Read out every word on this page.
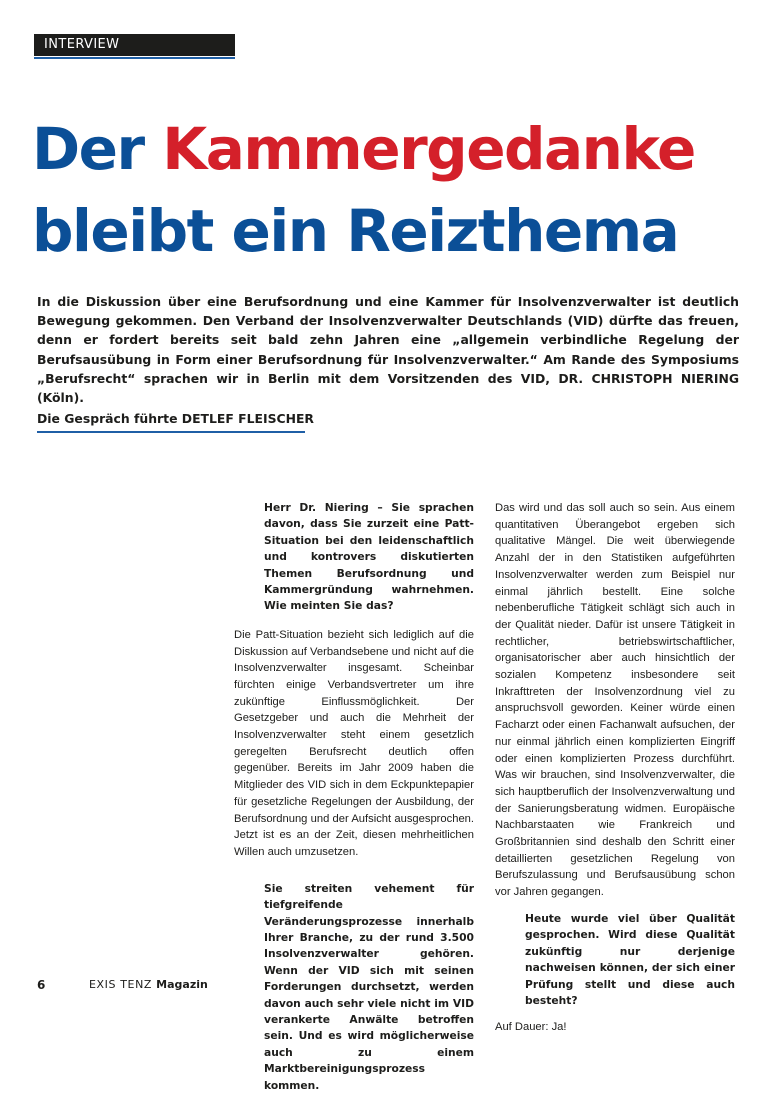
INTERVIEW
Der Kammergedanke
bleibt ein Reizthema

In die Diskussion über eine Berufsordnung und eine Kammer für Insolvenzverwalter ist deutlich Bewegung gekommen. Den Verband der Insolvenzverwalter Deutschlands (VID) dürfte das freuen, denn er fordert bereits seit bald zehn Jahren eine „allgemein verbindliche Regelung der Berufsausübung in Form einer Berufsordnung für Insolvenzverwalter.“ Am Rande des Symposiums „Berufsrecht“ sprachen wir in Berlin mit dem Vorsitzenden des VID, DR. CHRISTOPH NIERING (Köln).

Die Gespräch führte DETLEF FLEISCHER

Herr Dr. Niering – Sie sprachen davon, dass Sie zurzeit eine Patt-Situation bei den leidenschaftlich und kontrovers diskutierten Themen Berufsordnung und Kammergründung wahrnehmen. Wie meinten Sie das?

Die Patt-Situation bezieht sich lediglich auf die Diskussion auf Verbandsebene und nicht auf die Insolvenzverwalter insgesamt. Scheinbar fürchten einige Verbandsvertreter um ihre zukünftige Einflussmöglichkeit. Der Gesetzgeber und auch die Mehrheit der Insolvenzverwalter steht einem gesetzlich geregelten Berufsrecht deutlich offen gegenüber. Bereits im Jahr 2009 haben die Mitglieder des VID sich in dem Eckpunktepapier für gesetzliche Regelungen der Ausbildung, der Berufsordnung und der Aufsicht ausgesprochen. Jetzt ist es an der Zeit, diesen mehrheitlichen Willen auch umzusetzen.

Sie streiten vehement für tiefgreifende Veränderungsprozesse innerhalb Ihrer Branche, zu der rund 3.500 Insolvenzverwalter gehören. Wenn der VID sich mit seinen Forderungen durchsetzt, werden davon auch sehr viele nicht im VID verankerte Anwälte betroffen sein. Und es wird möglicherweise auch zu einem Marktbereinigungsprozess kommen.

Das wird und das soll auch so sein. Aus einem quantitativen Überangebot ergeben sich qualitative Mängel. Die weit überwiegende Anzahl der in den Statistiken aufgeführten Insolvenzverwalter werden zum Beispiel nur einmal jährlich bestellt. Eine solche nebenberufliche Tätigkeit schlägt sich auch in der Qualität nieder. Dafür ist unsere Tätigkeit in rechtlicher, betriebswirtschaftlicher, organisatorischer aber auch hinsichtlich der sozialen Kompetenz insbesondere seit Inkrafttreten der Insolvenzordnung viel zu anspruchsvoll geworden. Keiner würde einen Facharzt oder einen Fachanwalt aufsuchen, der nur einmal jährlich einen komplizierten Eingriff oder einen komplizierten Prozess durchführt. Was wir brauchen, sind Insolvenzverwalter, die sich hauptberuflich der Insolvenzverwaltung und der Sanierungsberatung widmen. Europäische Nachbarstaaten wie Frankreich und Großbritannien sind deshalb den Schritt einer detaillierten gesetzlichen Regelung von Berufszulassung und Berufsausübung schon vor Jahren gegangen.

Heute wurde viel über Qualität gesprochen. Wird diese Qualität zukünftig nur derjenige nachweisen können, der sich einer Prüfung stellt und diese auch besteht?

Auf Dauer: Ja!

6	EXIS TENZ Magazin
